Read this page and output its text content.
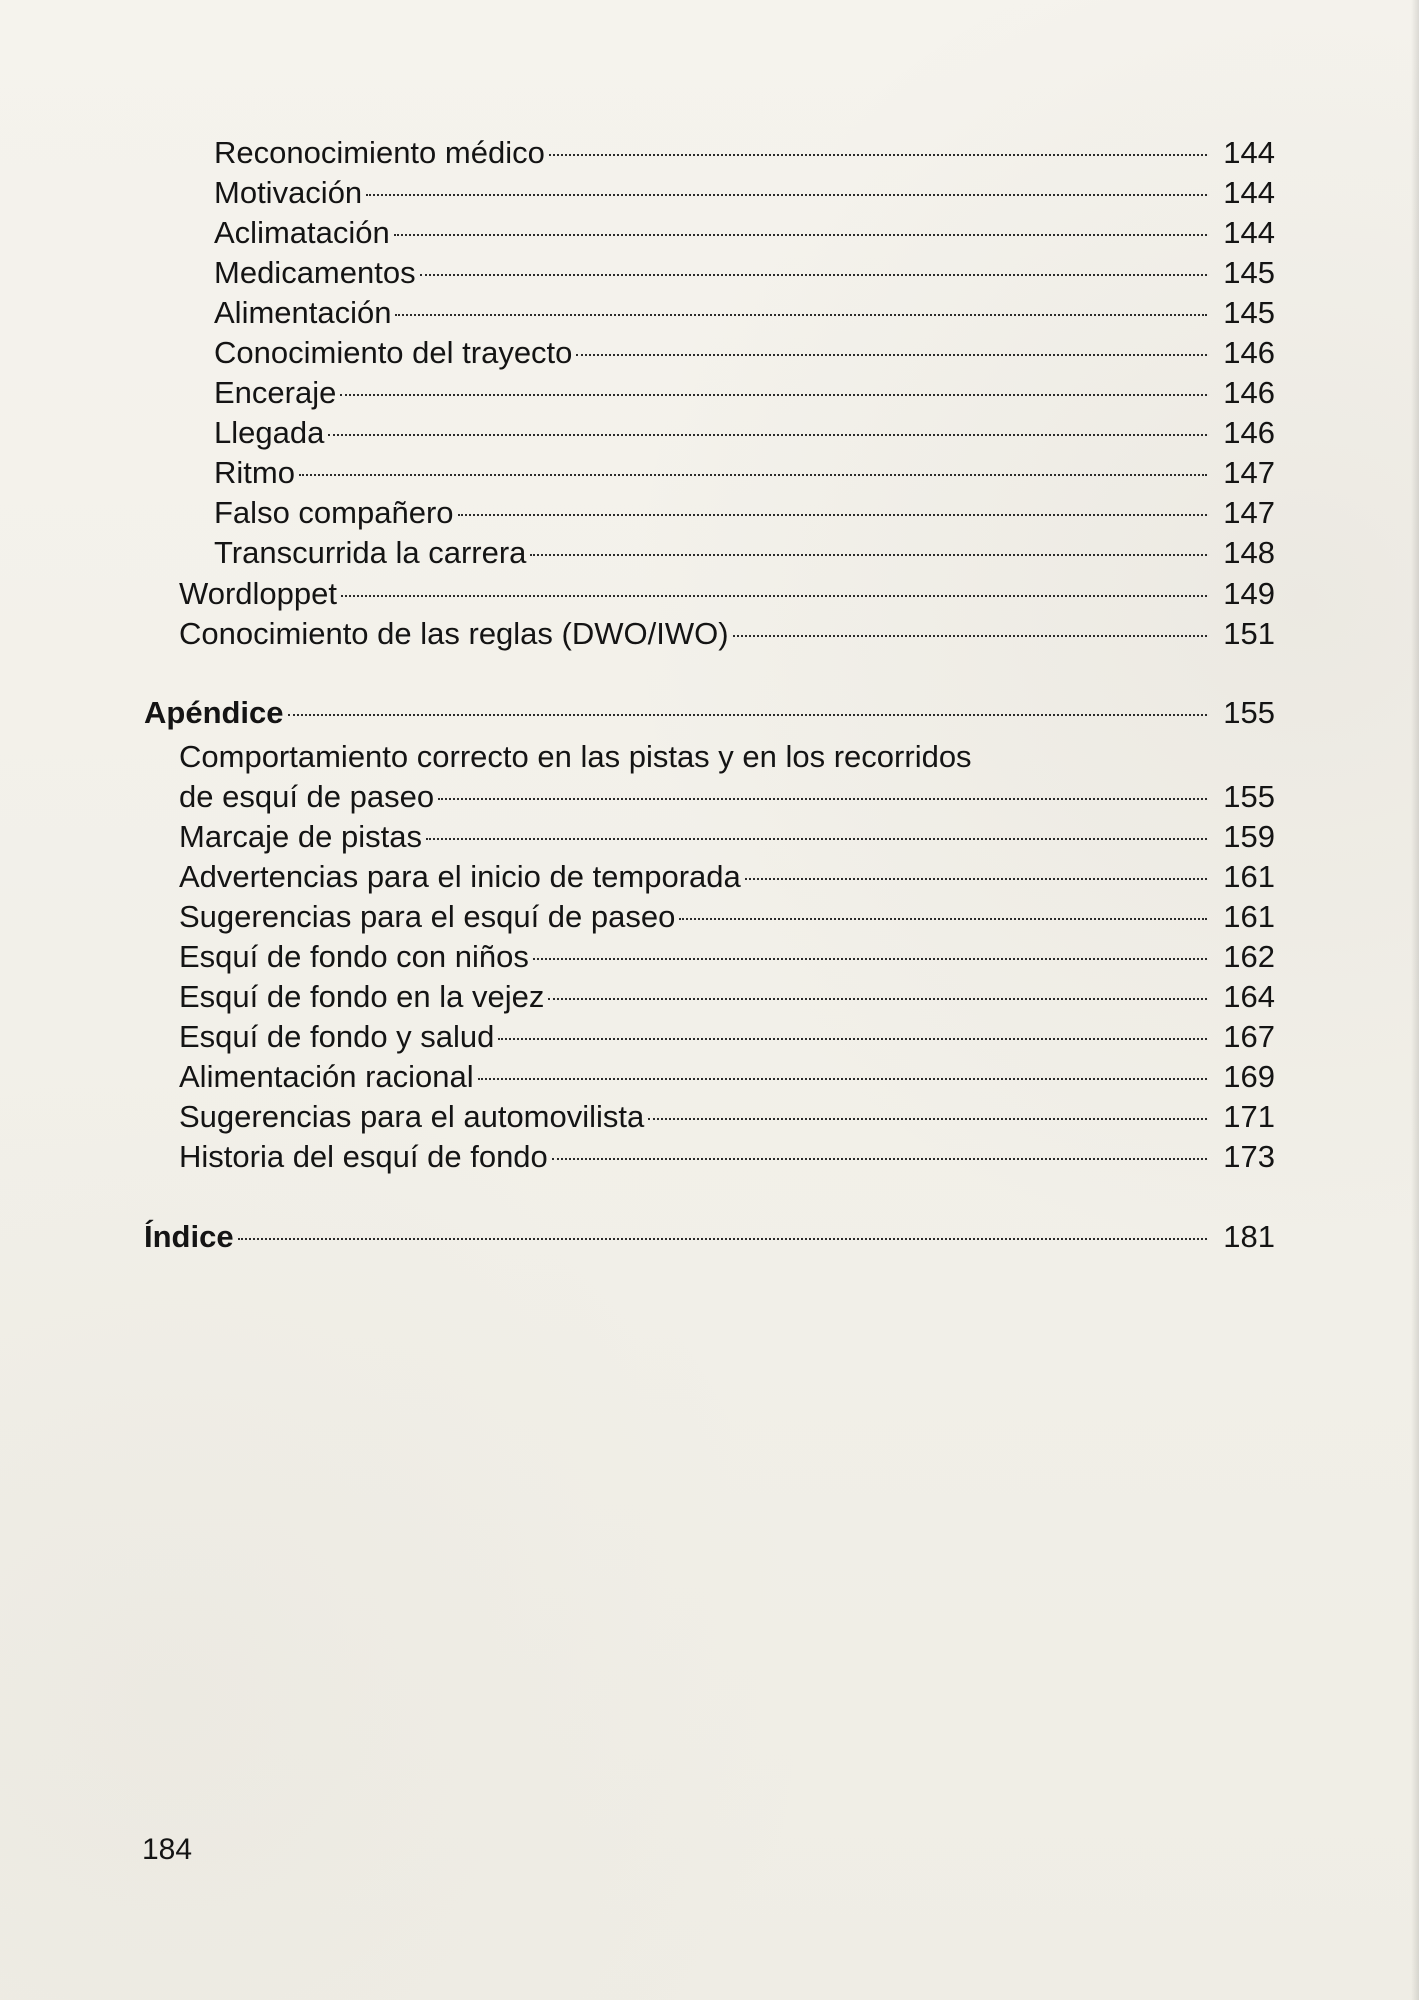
Reconocimiento médico	144
Motivación	144
Aclimatación	144
Medicamentos	145
Alimentación	145
Conocimiento del trayecto	146
Enceraje	146
Llegada	146
Ritmo	147
Falso compañero	147
Transcurrida la carrera	148
Wordloppet	149
Conocimiento de las reglas (DWO/IWO)	151
Apéndice	155
Comportamiento correcto en las pistas y en los recorridos
de esquí de paseo	155
Marcaje de pistas	159
Advertencias para el inicio de temporada	161
Sugerencias para el esquí de paseo	161
Esquí de fondo con niños	162
Esquí de fondo en la vejez	164
Esquí de fondo y salud	167
Alimentación racional	169
Sugerencias para el automovilista	171
Historia del esquí de fondo	173
Índice	181
184
